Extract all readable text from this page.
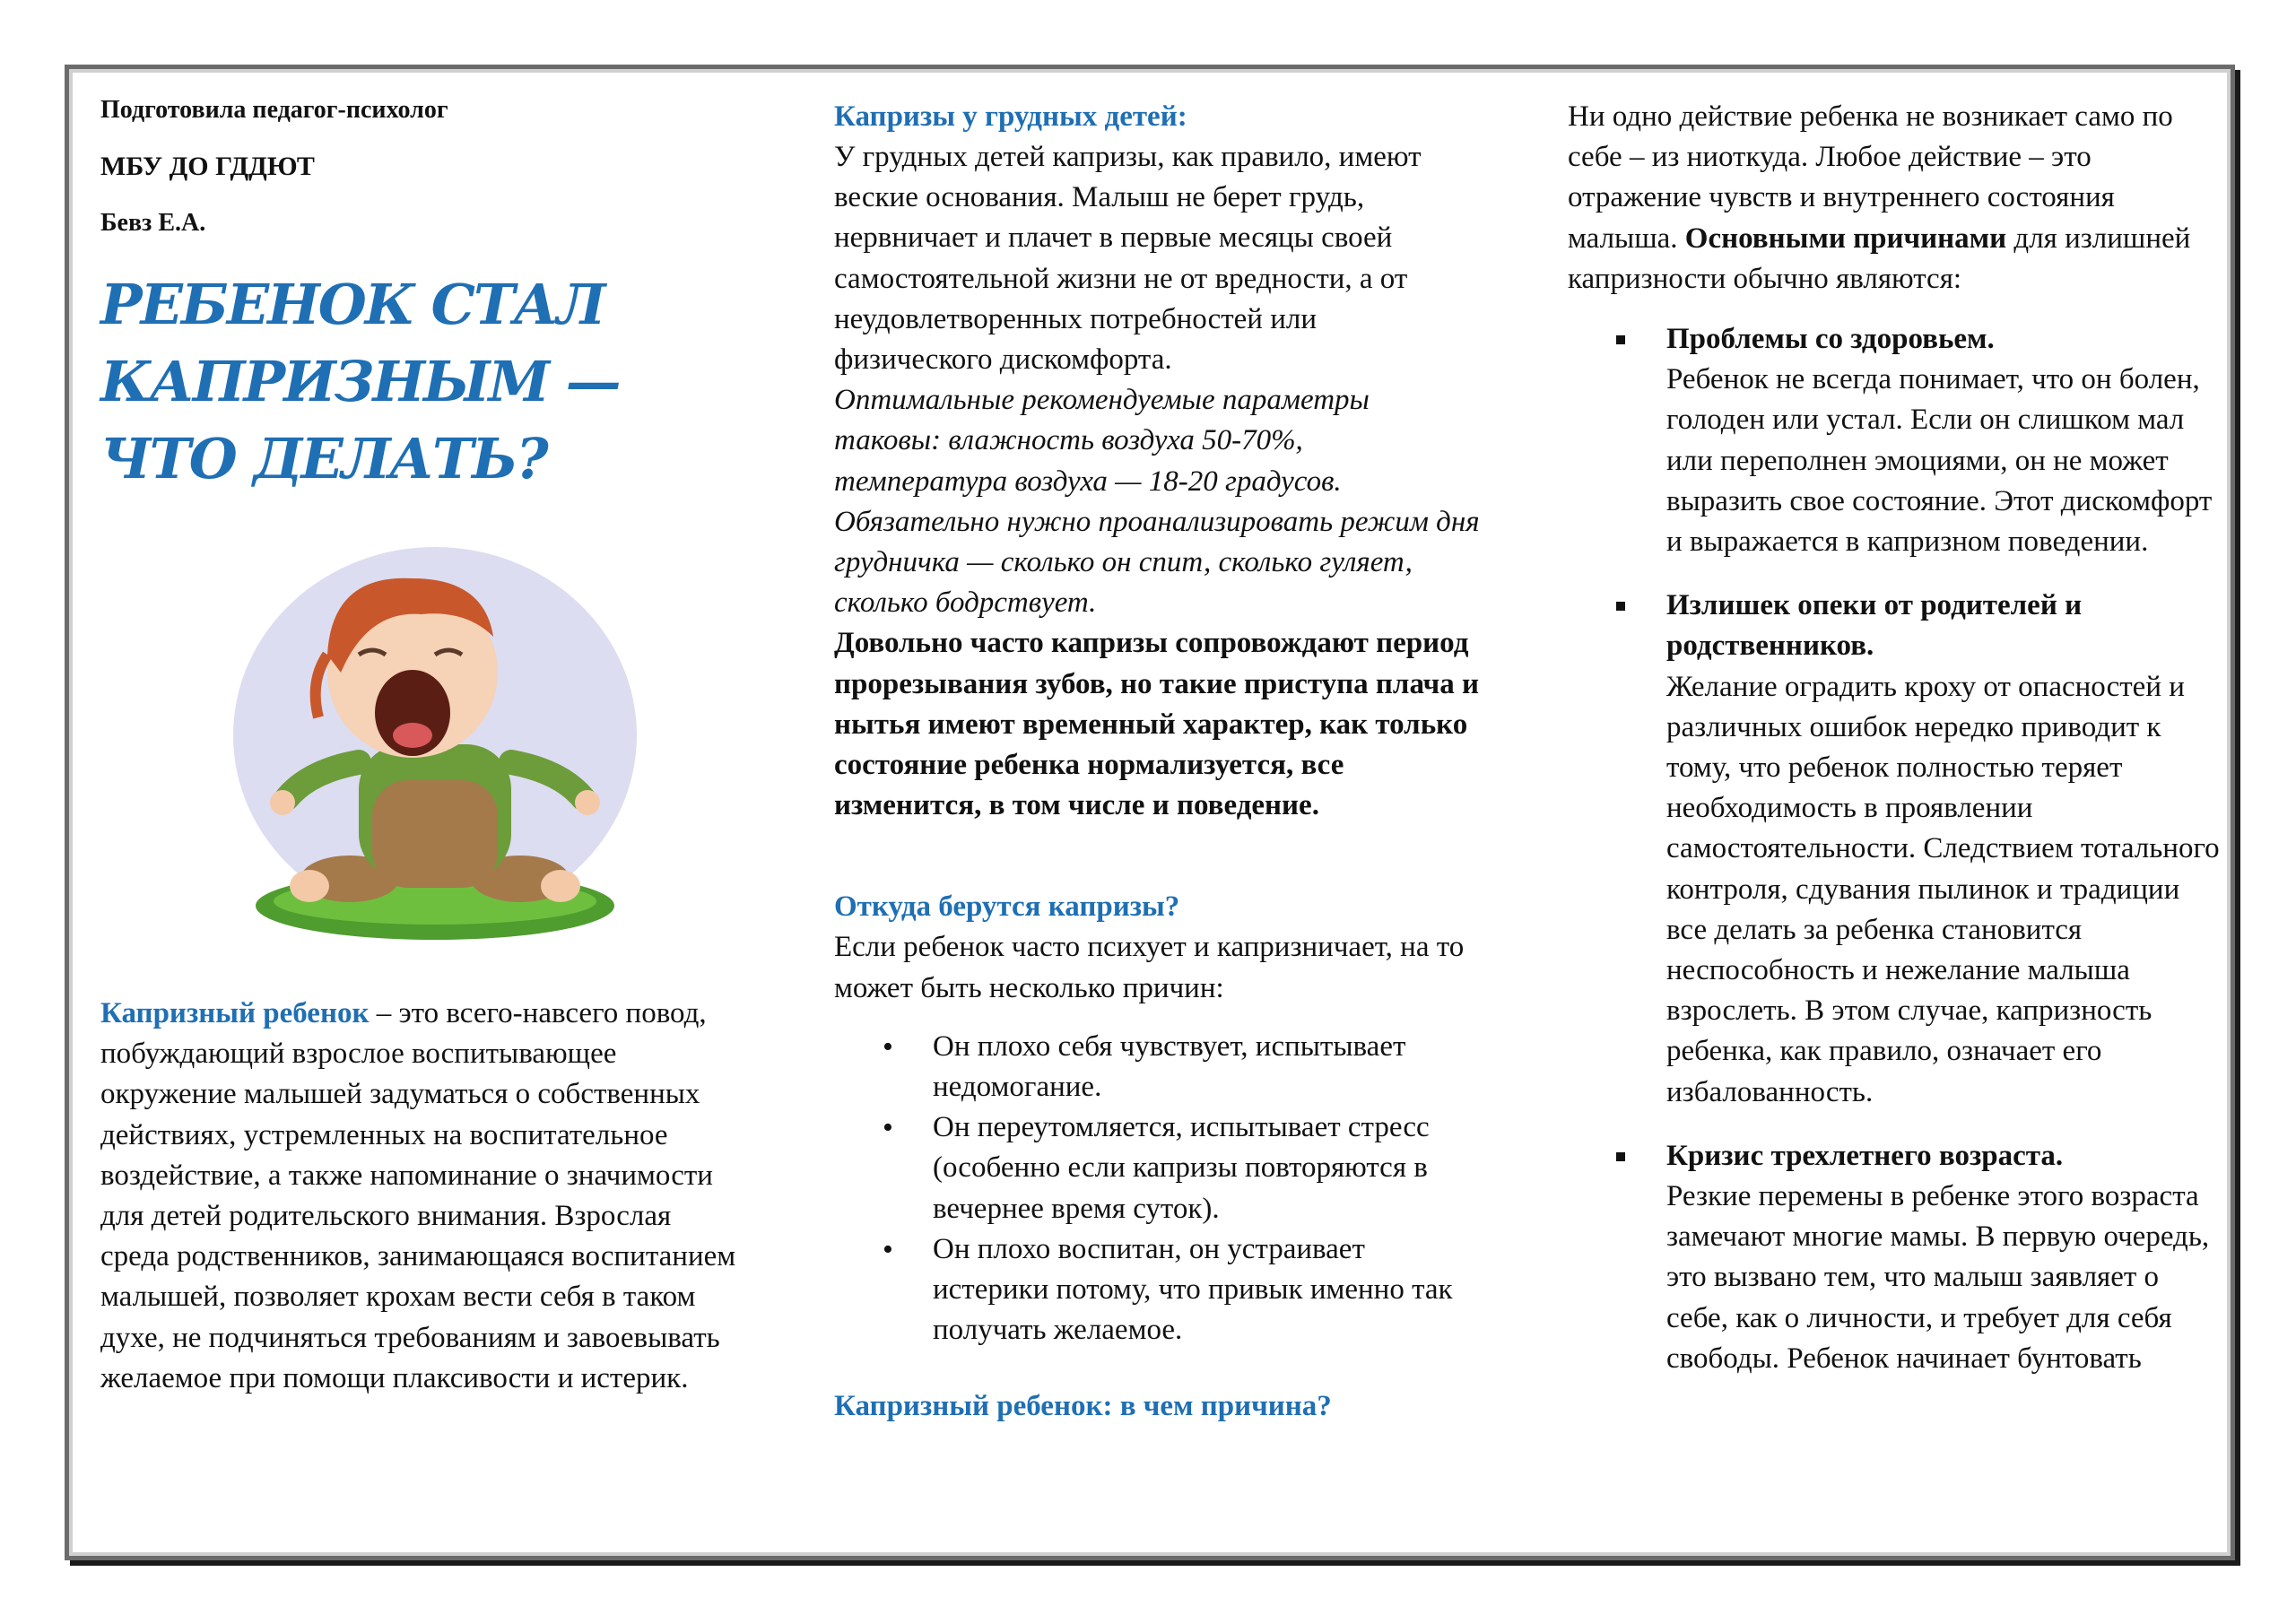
Подготовила педагог-психолог
МБУ ДО ГДДЮТ
Бевз Е.А.
РЕБЕНОК СТАЛ
КАПРИЗНЫМ —
ЧТО ДЕЛАТЬ?

Капризный ребенок – это всего-навсего повод, побуждающий взрослое воспитывающее окружение малышей задуматься о собственных действиях, устремленных на воспитательное воздействие, а также напоминание о значимости для детей родительского внимания. Взрослая среда родственников, занимающаяся воспитанием малышей, позволяет крохам вести себя в таком духе, не подчиняться требованиям и завоевывать желаемое при помощи плаксивости и истерик.

Капризы у грудных детей:

У грудных детей капризы, как правило, имеют веские основания. Малыш не берет грудь, нервничает и плачет в первые месяцы своей самостоятельной жизни не от вредности, а от неудовлетворенных потребностей или физического дискомфорта.

Оптимальные рекомендуемые параметры таковы: влажность воздуха 50-70%, температура воздуха — 18-20 градусов. Обязательно нужно проанализировать режим дня грудничка — сколько он спит, сколько гуляет, сколько бодрствует.

Довольно часто капризы сопровождают период прорезывания зубов, но такие приступа плача и нытья имеют временный характер, как только состояние ребенка нормализуется, все изменится, в том числе и поведение.

Откуда берутся капризы?

Если ребенок часто психует и капризничает, на то может быть несколько причин:

• Он плохо себя чувствует, испытывает недомогание.
• Он переутомляется, испытывает стресс (особенно если капризы повторяются в вечернее время суток).
• Он плохо воспитан, он устраивает истерики потому, что привык именно так получать желаемое.
Капризный ребенок: в чем причина?

Ни одно действие ребенка не возникает само по себе – из ниоткуда. Любое действие – это отражение чувств и внутреннего состояния малыша. Основными причинами для излишней капризности обычно являются:

Проблемы со здоровьем.
Ребенок не всегда понимает, что он болен, голоден или устал. Если он слишком мал или переполнен эмоциями, он не может выразить свое состояние. Этот дискомфорт и выражается в капризном поведении.
Излишек опеки от родителей и родственников.
Желание оградить кроху от опасностей и различных ошибок нередко приводит к тому, что ребенок полностью теряет необходимость в проявлении самостоятельности. Следствием тотального контроля, сдувания пылинок и традиции все делать за ребенка становится неспособность и нежелание малыша взрослеть. В этом случае, капризность ребенка, как правило, означает его избалованность.
Кризис трехлетнего возраста.
Резкие перемены в ребенке этого возраста замечают многие мамы. В первую очередь, это вызвано тем, что малыш заявляет о себе, как о личности, и требует для себя свободы. Ребенок начинает бунтовать
